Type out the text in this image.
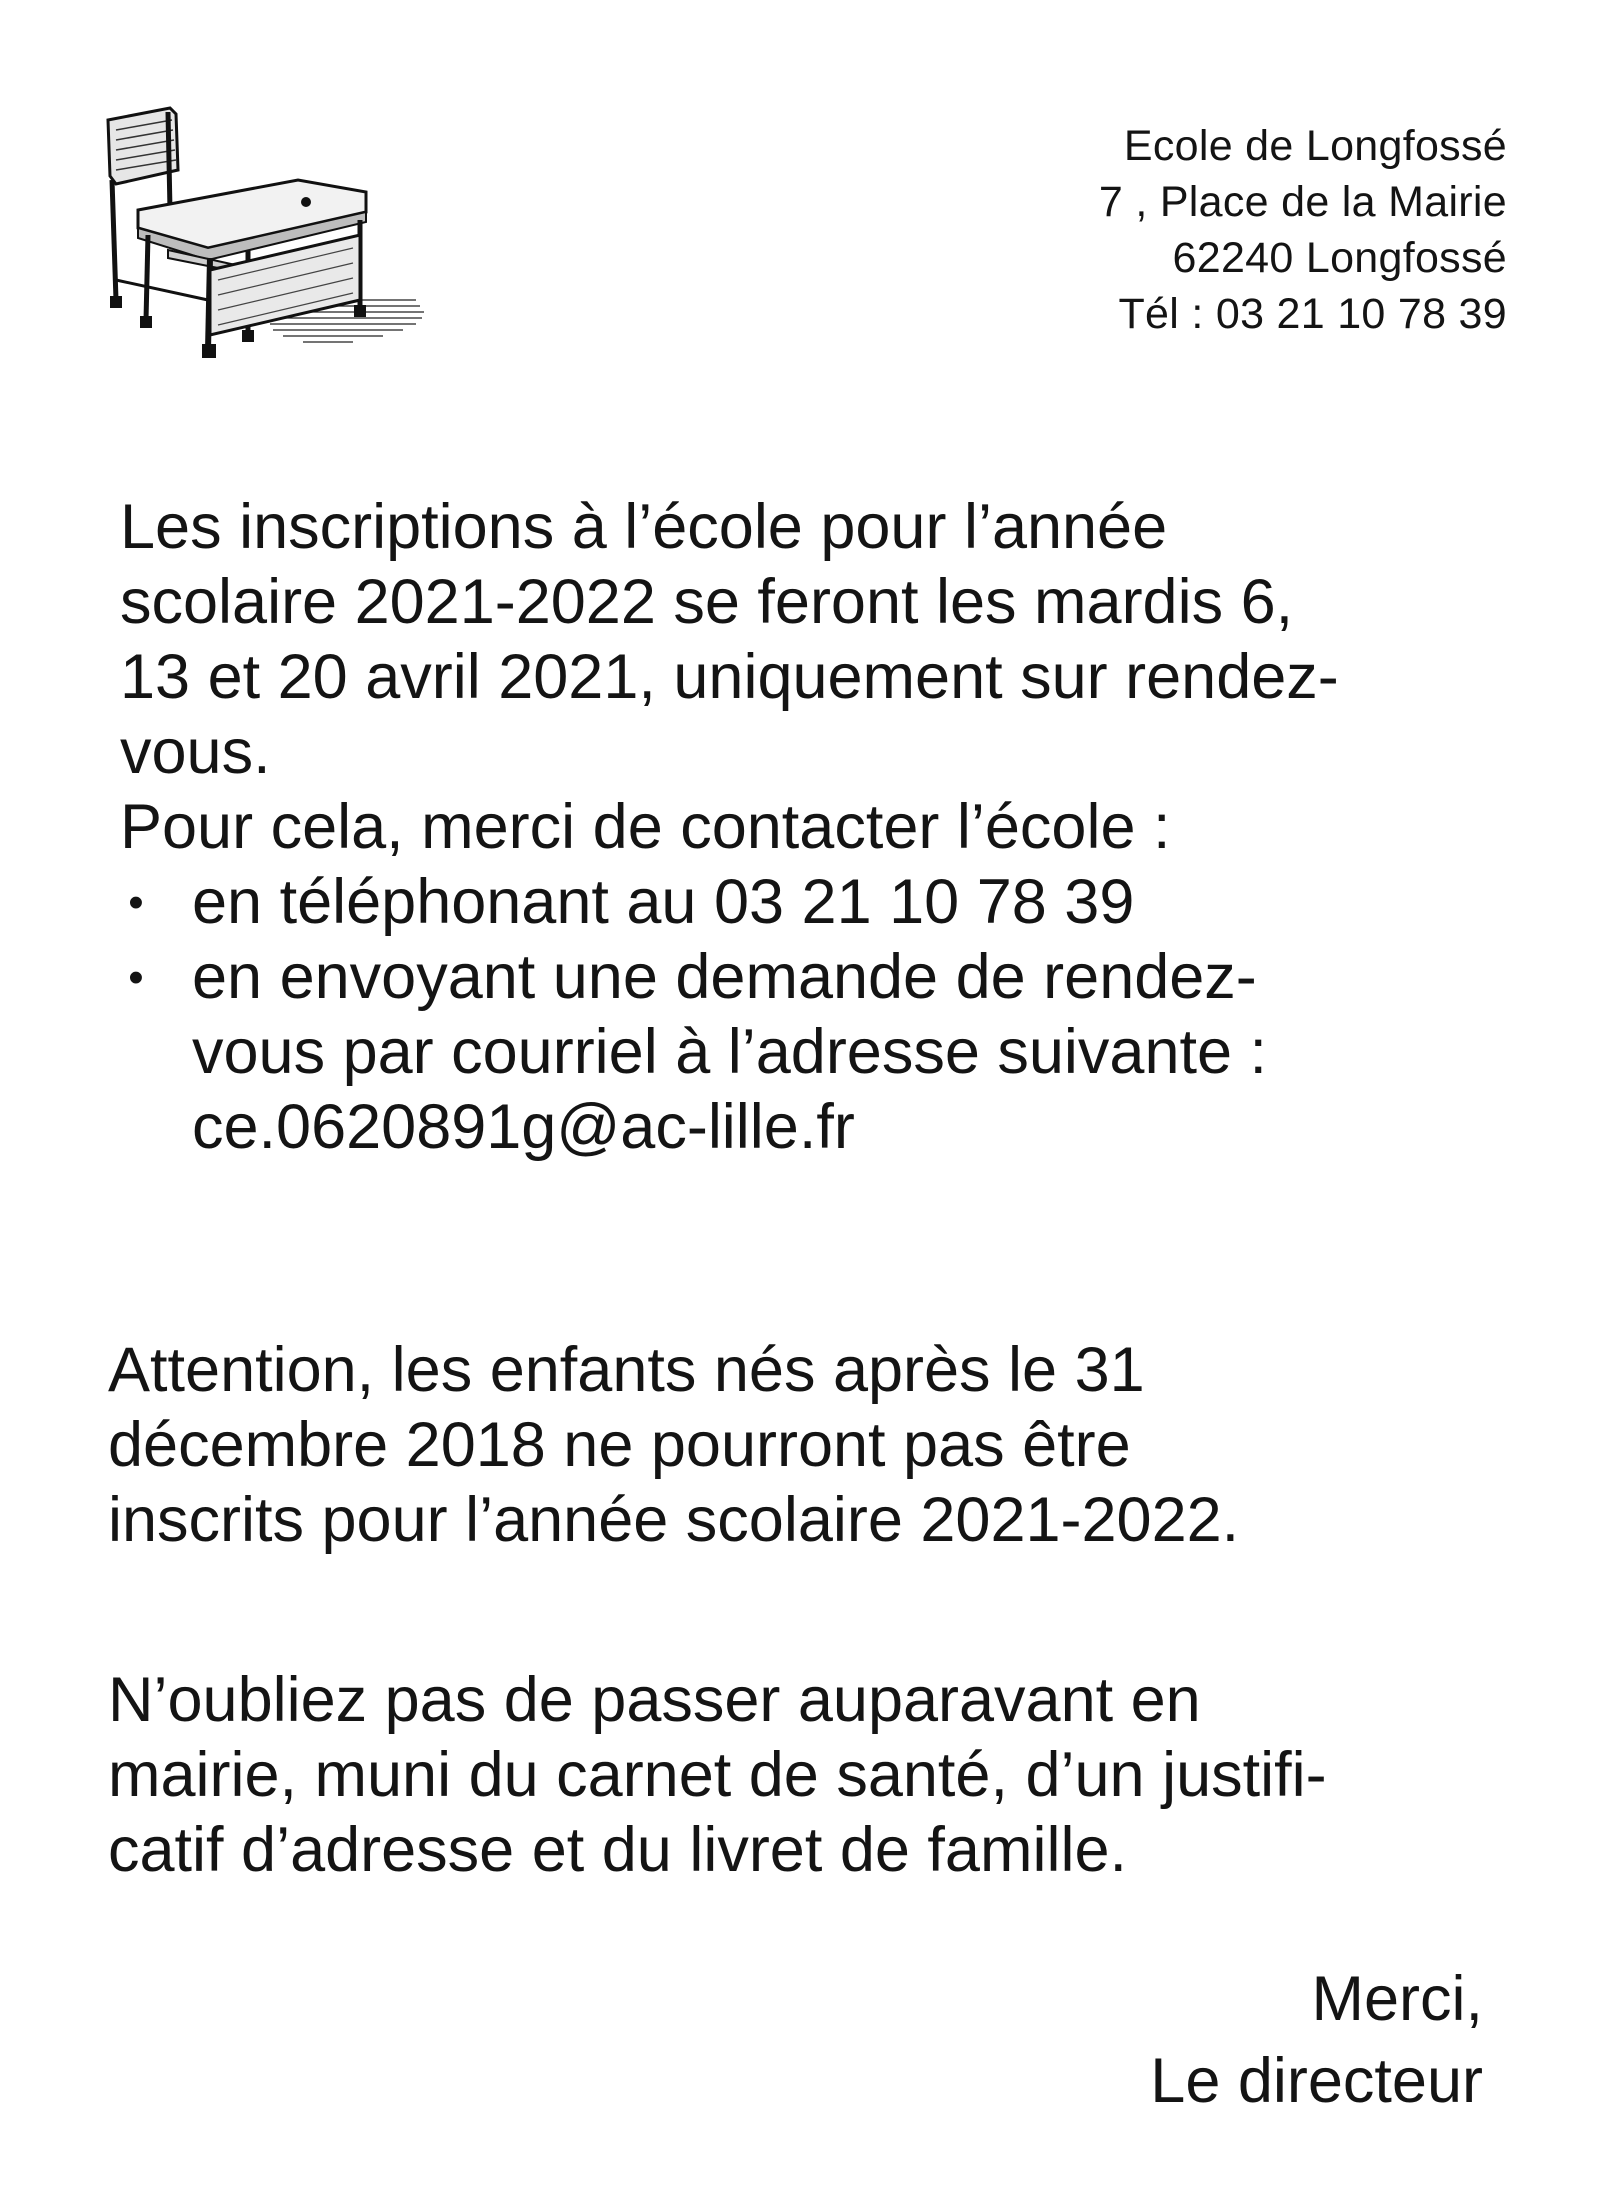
Ecole de Longfossé
7 , Place de la Mairie
62240 Longfossé
Tél : 03 21 10 78 39
Les inscriptions à l’école pour l’année
scolaire 2021-2022 se feront les mardis 6,
13 et 20 avril 2021, uniquement sur rendez-
vous.
Pour cela, merci de contacter l’école :
• en téléphonant au 03 21 10 78 39
• en envoyant une demande de rendez-
vous par courriel à l’adresse suivante :
ce.0620891g@ac-lille.fr
Attention, les enfants nés après le 31
décembre 2018 ne pourront pas être
inscrits pour l’année scolaire 2021-2022.
N’oubliez pas de passer auparavant en
mairie, muni du carnet de santé, d’un justifi-
catif d’adresse et du livret de famille.
Merci,
Le directeur
